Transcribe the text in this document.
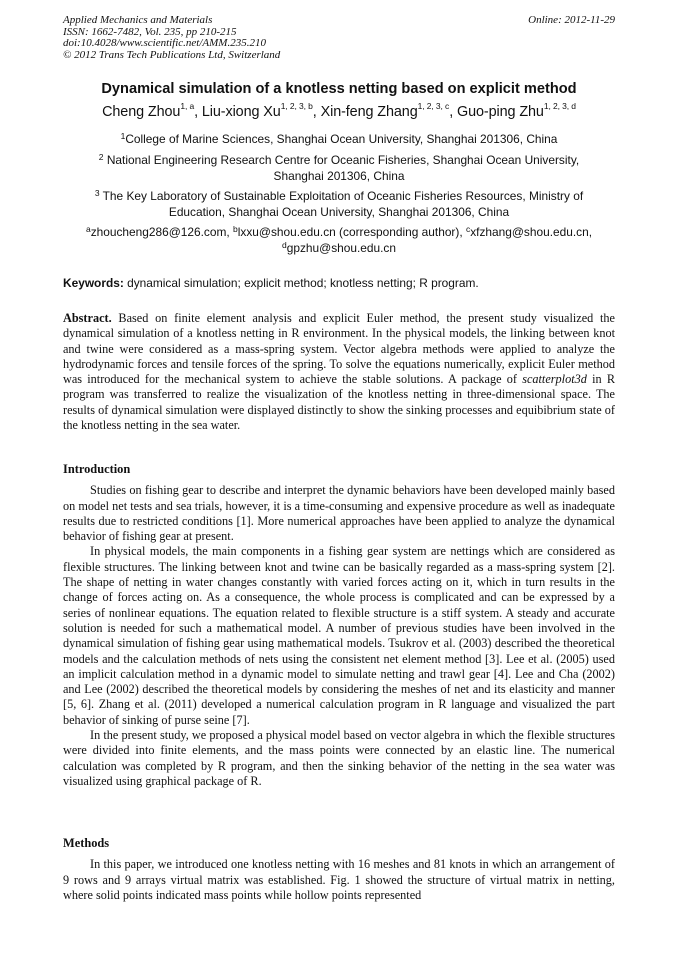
Applied Mechanics and Materials
ISSN: 1662-7482, Vol. 235, pp 210-215
doi:10.4028/www.scientific.net/AMM.235.210
© 2012 Trans Tech Publications Ltd, Switzerland
Online: 2012-11-29
Dynamical simulation of a knotless netting based on explicit method
Cheng Zhou$^{1, a}$, Liu-xiong Xu$^{1, 2, 3, b}$, Xin-feng Zhang$^{1, 2, 3, c}$, Guo-ping Zhu$^{1, 2, 3, d}$
$^1$College of Marine Sciences, Shanghai Ocean University, Shanghai 201306, China
$^2$ National Engineering Research Centre for Oceanic Fisheries, Shanghai Ocean University,
Shanghai 201306, China
$^3$ The Key Laboratory of Sustainable Exploitation of Oceanic Fisheries Resources, Ministry of
Education, Shanghai Ocean University, Shanghai 201306, China
$^a$zhoucheng286@126.com, $^b$lxxu@shou.edu.cn (corresponding author), $^c$xfzhang@shou.edu.cn,
$^d$gpzhu@shou.edu.cn
Keywords: dynamical simulation; explicit method; knotless netting; R program.

Abstract. Based on finite element analysis and explicit Euler method, the present study visualized the dynamical simulation of a knotless netting in R environment. In the physical models, the linking between knot and twine were considered as a mass-spring system. Vector algebra methods were applied to analyze the hydrodynamic forces and tensile forces of the spring. To solve the equations numerically, explicit Euler method was introduced for the mechanical system to achieve the stable solutions. A package of scatterplot3d in R program was transferred to realize the visualization of the knotless netting in three-dimensional space. The results of dynamical simulation were displayed distinctly to show the sinking processes and equibibrium state of the knotless netting in the sea water.

Introduction

Studies on fishing gear to describe and interpret the dynamic behaviors have been developed mainly based on model net tests and sea trials, however, it is a time-consuming and expensive procedure as well as inadequate results due to restricted conditions [1]. More numerical approaches have been applied to analyze the dynamical behavior of fishing gear at present.

In physical models, the main components in a fishing gear system are nettings which are considered as flexible structures. The linking between knot and twine can be basically regarded as a mass-spring system [2]. The shape of netting in water changes constantly with varied forces acting on it, which in turn results in the change of forces acting on. As a consequence, the whole process is complicated and can be expressed by a series of nonlinear equations. The equation related to flexible structure is a stiff system. A steady and accurate solution is needed for such a mathematical model. A number of previous studies have been involved in the dynamical simulation of fishing gear using mathematical models. Tsukrov et al. (2003) described the theoretical models and the calculation methods of nets using the consistent net element method [3]. Lee et al. (2005) used an implicit calculation method in a dynamic model to simulate netting and trawl gear [4]. Lee and Cha (2002) and Lee (2002) described the theoretical models by considering the meshes of net and its elasticity and manner [5, 6]. Zhang et al. (2011) developed a numerical calculation program in R language and visualized the part behavior of sinking of purse seine [7].

In the present study, we proposed a physical model based on vector algebra in which the flexible structures were divided into finite elements, and the mass points were connected by an elastic line. The numerical calculation was completed by R program, and then the sinking behavior of the netting in the sea water was visualized using graphical package of R.

Methods

In this paper, we introduced one knotless netting with 16 meshes and 81 knots in which an arrangement of 9 rows and 9 arrays virtual matrix was established. Fig. 1 showed the structure of virtual matrix in netting, where solid points indicated mass points while hollow points represented
